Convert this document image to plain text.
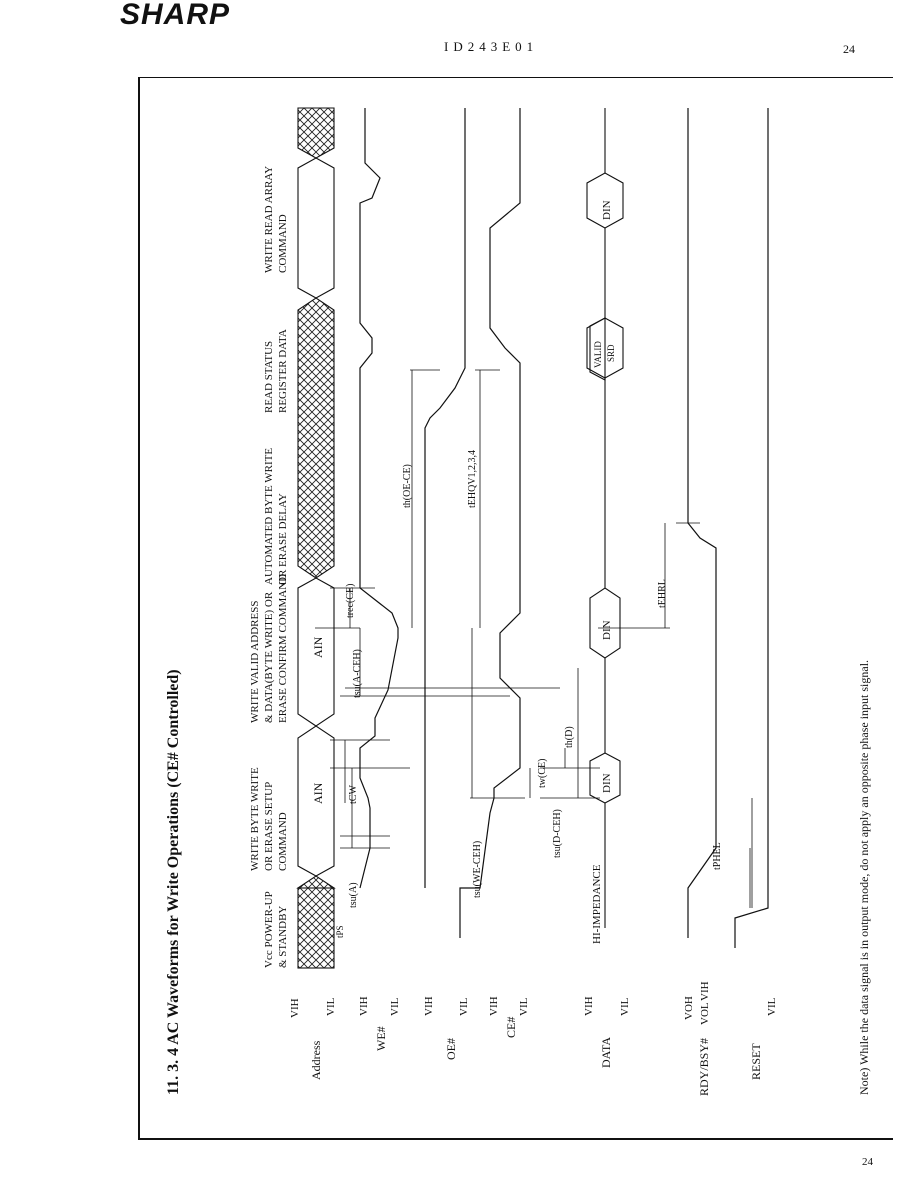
SHARP
ID243E01	24
24
11. 3. 4 AC Waveforms for Write Operations (CE# Controlled)	Note) While the data signal is in output mode, do not apply an opposite phase input signal.
Address
WE#	OE#
CE#
DATA	RDY/BSY#	RESET
VIH VIL VIH VIL VIH VIL VIH VIL	VIH VIL	VOH VOL
VIH
VIL
Vcc POWER-UP & STANDBY
WRITE BYTE WRITE OR ERASE SETUP COMMAND
WRITE VALID ADDRESS & DATA(BYTE WRITE) OR ERASE CONFIRM COMMAND
AUTOMATED BYTE WRITE OR ERASE DELAY
READ STATUS REGISTER DATA
WRITE READ ARRAY COMMAND
AIN
AIN
HI-IMPEDANCE
DIN
DIN
VALID SRD
DIN
tsu(A)
tPS
tCW
tsu(A-CEH)
trec(CE)
tsu(WE-CEH)
tw(CE)
th(D)
tsu(D-CEH)
th(OE-CE)	tEHQV1,2,3,4
tEHRL
tPHEL
